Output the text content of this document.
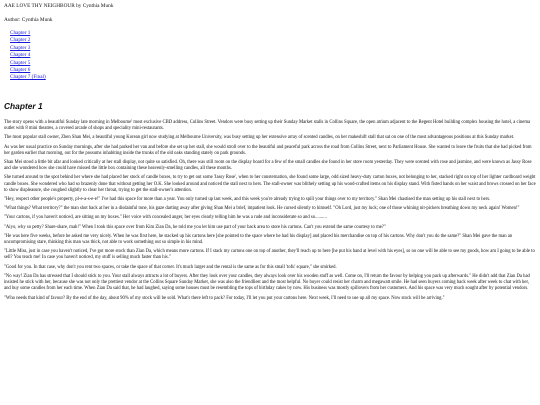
AAE LOVE THY NEIGHBOUR by Cynthia Munk
Author: Cynthia Munk
Chapter 1
Chapter 2
Chapter 3
Chapter 4
Chapter 5
Chapter 6
Chapter 7 (Final)
Chapter 1

The story opens with a beautiful Sunday late morning in Melbourne' most exclusive CBD address, Collins Street. Vendors were busy setting up their Sunday Market stalls in Collins Square, the open atrium adjacent to the Regent Hotel building complex housing the hotel, a cinema outlet with 8 mini theatres, a covered arcade of shops and speciality mini-restaurants.

The most popular stall owner, Zhen Shan Mei, a beautiful young Korean girl now studying at Melbourne University, was busy setting up her extensive array of scented candles, on her makeshift stall that sat on one of the most advantageous positions at this Sunday market.

As was her usual practice on Sunday mornings, after she had parked her van and before she set up her stall, she would stroll over to the beautiful and peaceful park across the road from Collins Street, next to Parliament House. She wanted to leave the fruits that she had picked from her garden earlier that morning, out for the possums inhabiting inside the trunks of the old oaks standing stately on park grounds.

Shan Mei stood a little bit afar and looked critically at her stall display, not quite so satisfied. Oh, there was still room on the display board for a few of the small candles she found in her store room yesterday. They were scented with rose and jasmine, and were known as Jassy Rose and she wondered how she could have missed the little box containing these heavenly-smelling candles, all these months.

She turned around to the spot behind her where she had placed her stock of candle boxes, to try to get out some 'Jassy Rose', when to her consternation, she found some large, odd sized heavy-duty carton boxes, not belonging to her, stacked right on top of her lighter cardboard weight candle boxes. She wondered who had so brazenly done that without getting her O.K. She looked around and noticed the stall next to hers. The stall-owner was blithely setting up his wood-crafted items on his display stand. With fisted hands on her waist and brows crossed on her face to show displeasure, she coughed slightly to clear her throat, trying to get the stall-owner's attention.

"Hey, respect other people's property, pl-e-a-s-e-e!" I've had this space for more than a year. You only turned up last week, and this week you're already trying to spill your things over to my territory." Shan Mei chastised the man setting up his stall next to hers.

"What things? What territory?" the man shot back at her in a disdainful tone, his gaze darting away after giving Shan Mei a brief, impatient look. He cursed silently to himself. "Oh Lord, just my luck; one of those whining nit-pickers breathing down my neck again! Women!"

"Your cartons, if you haven't noticed, are sitting on my boxes." Her voice with concealed anger, her eyes clearly telling him he was a rude and inconsiderate so and so..........

"Aiyo, why so petty? Share-share, mah!" When I took this space over from Kim Zian Da, he told me you let him use part of your back area to store his cartons. Can't you extend the same courtesy to me?"

"He was here five weeks, before he asked me very nicely. When he was first here, he stacked up his cartons here [she pointed to the space where he had his display] and placed his merchandise on top of his cartons. Why don't you do the same?" Shan Mei gave the man an uncompromising stare, thinking this man was thick, not able to work something out so simple in his mind.

"Little Miss, just in case you haven't noticed, I've got more stock than Zian Da, which means more cartons. If I stack my cartons one on top of another, they'll reach up to here [he put his hand at level with his eyes], so no one will be able to see my goods, how am I going to be able to sell? You teach me! In case you haven't noticed, my stuff is selling much faster than his."

"Good for you. In that case, why don't you rent two spaces, or take the space of that corner. It's much larger and the rental is the same as for this small 'tofu' square," she smirked.

"No way! Zian Da has stressed that I should stick to you. Your stall always attracts a lot of buyers. After they look over your candles, they always look over his wooden stuff as well. Come on, I'll return the favour by helping you pack up afterwards." He didn't add that Zian Da had insisted he stick with her, because she was not only the prettiest vendor at the Collins Square Sunday Market, she was also the friendliest and the most helpful. No buyer could resist her charm and megawatt smile. He had seen buyers coming back week after week to chat with her, and buy some candles from her each time. When Zian Da said that, he had laughed, saying some houses must be resembling the tops of birthday cakes by now. His business was mostly spillovers from her customers. And his space was very much sought after by potential vendors.

"Who needs that kind of favour? By the end of the day, about 90% of my stock will be sold. What's there left to pack? For today, I'll let you put your cartons here. Next week, I'll need to use up all my space. Now stock will be arriving."
